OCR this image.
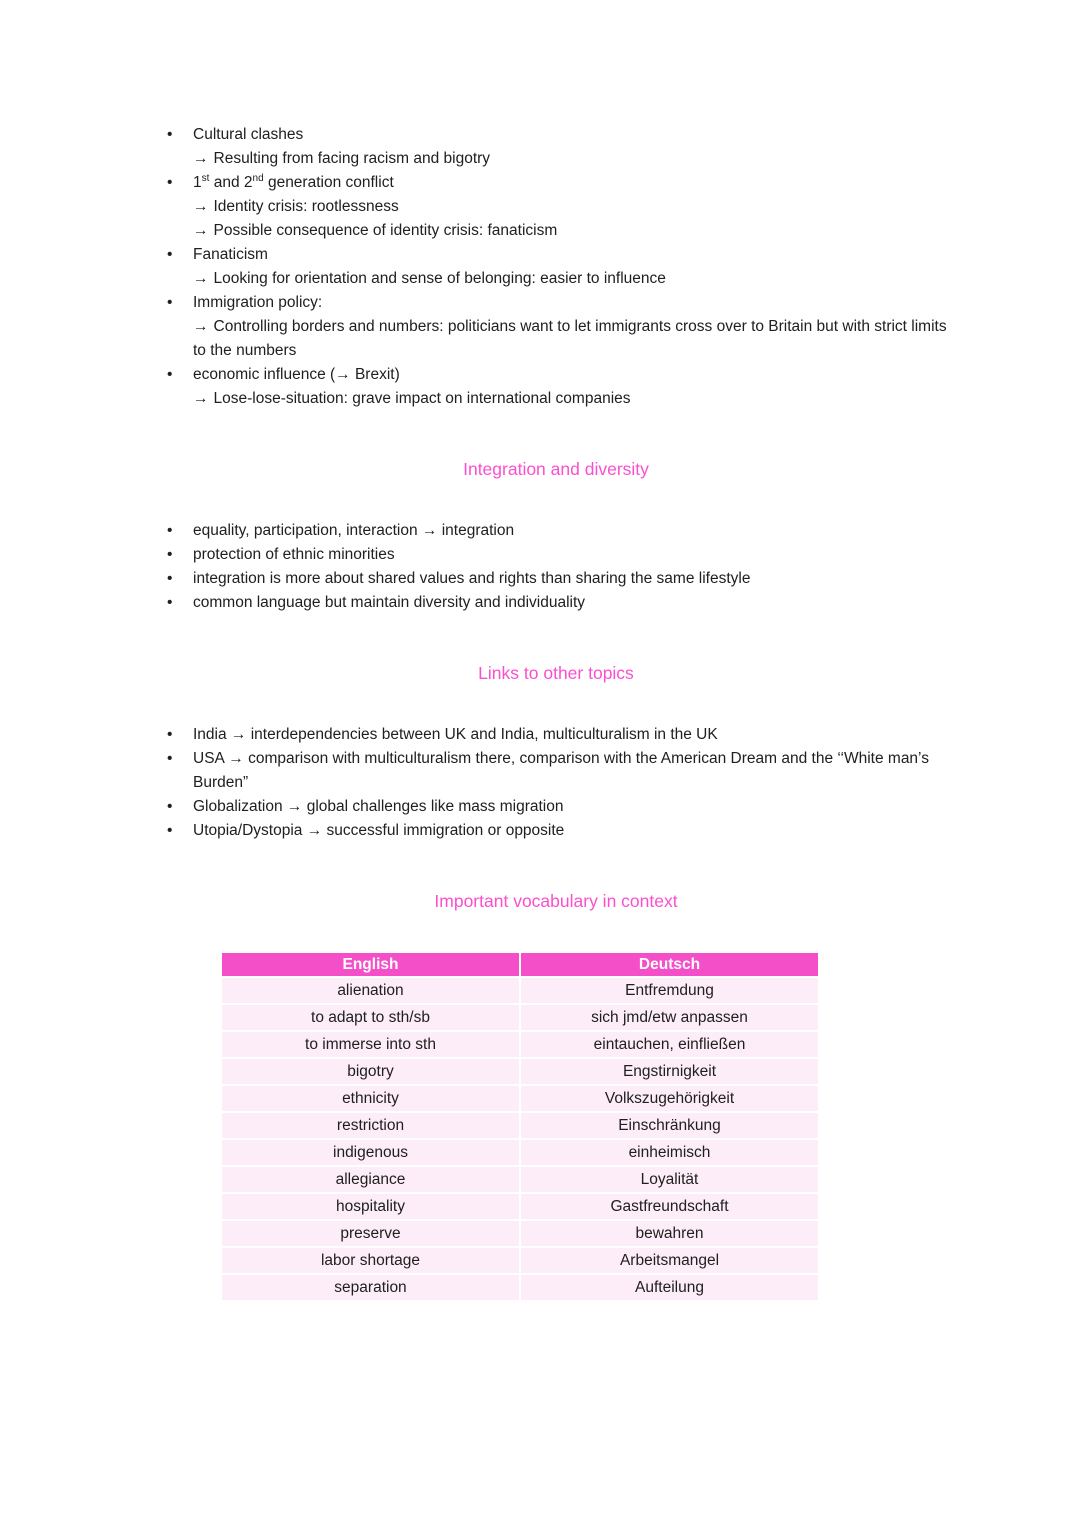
• Cultural clashes
→ Resulting from facing racism and bigotry
• 1st and 2nd generation conflict
→ Identity crisis: rootlessness
→ Possible consequence of identity crisis: fanaticism
• Fanaticism
→ Looking for orientation and sense of belonging: easier to influence
• Immigration policy:
→ Controlling borders and numbers: politicians want to let immigrants cross over to Britain but with strict limits to the numbers
• economic influence (→ Brexit)
→ Lose-lose-situation: grave impact on international companies
Integration and diversity
• equality, participation, interaction → integration
• protection of ethnic minorities
• integration is more about shared values and rights than sharing the same lifestyle
• common language but maintain diversity and individuality
Links to other topics
• India → interdependencies between UK and India, multiculturalism in the UK
• USA → comparison with multiculturalism there, comparison with the American Dream and the ‘‘White man’s Burden”
• Globalization → global challenges like mass migration
• Utopia/Dystopia → successful immigration or opposite
Important vocabulary in context
English	Deutsch
alienation	Entfremdung
to adapt to sth/sb	sich jmd/etw anpassen
to immerse into sth	eintauchen, einfließen
bigotry	Engstirnigkeit
ethnicity	Volkszugehörigkeit
restriction	Einschränkung
indigenous	einheimisch
allegiance	Loyalität
hospitality	Gastfreundschaft
preserve	bewahren
labor shortage	Arbeitsmangel
separation	Aufteilung
